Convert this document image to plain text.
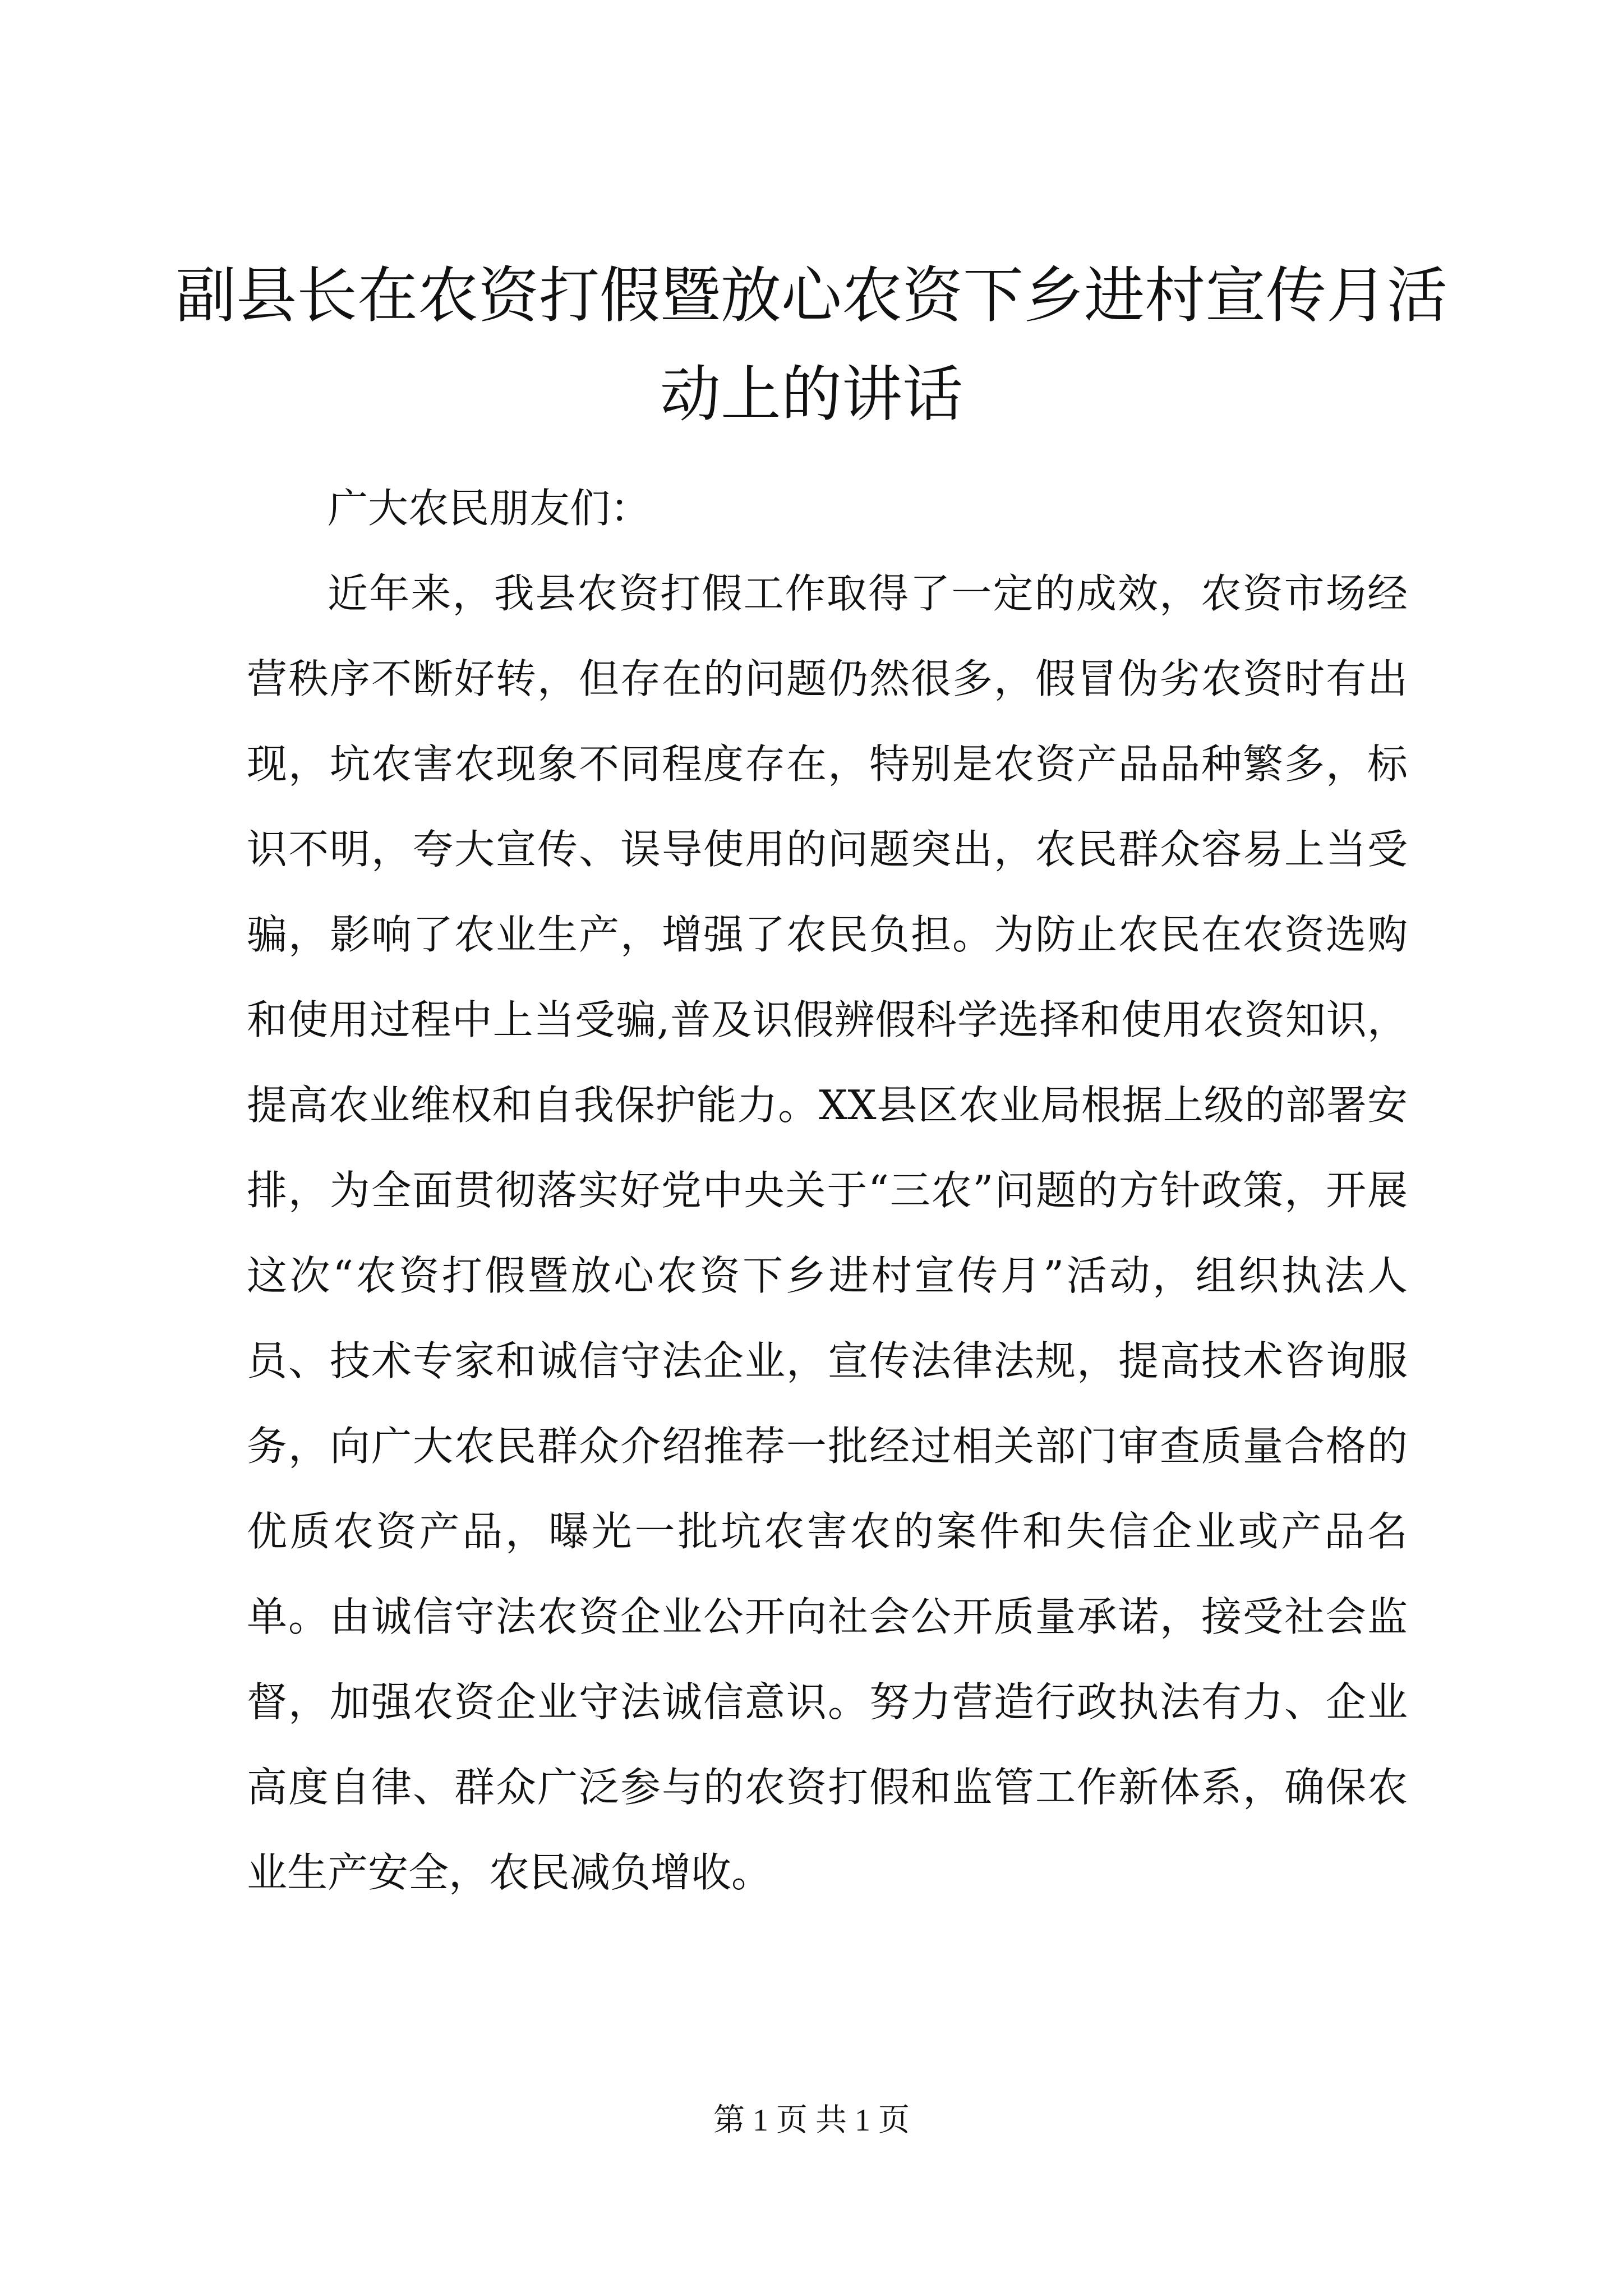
副县长在农资打假暨放心农资下乡进村宣传月活动上的讲话

广大农民朋友们：

近年来，我县农资打假工作取得了一定的成效，农资市场经营秩序不断好转，但存在的问题仍然很多，假冒伪劣农资时有出现，坑农害农现象不同程度存在，特别是农资产品品种繁多，标识不明，夸大宣传、误导使用的问题突出，农民群众容易上当受骗，影响了农业生产，增强了农民负担。为防止农民在农资选购和使用过程中上当受骗,普及识假辨假科学选择和使用农资知识，提高农业维权和自我保护能力。XX县区农业局根据上级的部署安排，为全面贯彻落实好党中央关于“三农”问题的方针政策，开展这次“农资打假暨放心农资下乡进村宣传月”活动，组织执法人员、技术专家和诚信守法企业，宣传法律法规，提高技术咨询服务，向广大农民群众介绍推荐一批经过相关部门审查质量合格的优质农资产品，曝光一批坑农害农的案件和失信企业或产品名单。由诚信守法农资企业公开向社会公开质量承诺，接受社会监督，加强农资企业守法诚信意识。努力营造行政执法有力、企业高度自律、群众广泛参与的农资打假和监管工作新体系，确保农业生产安全，农民减负增收。

第 1 页 共 1 页
